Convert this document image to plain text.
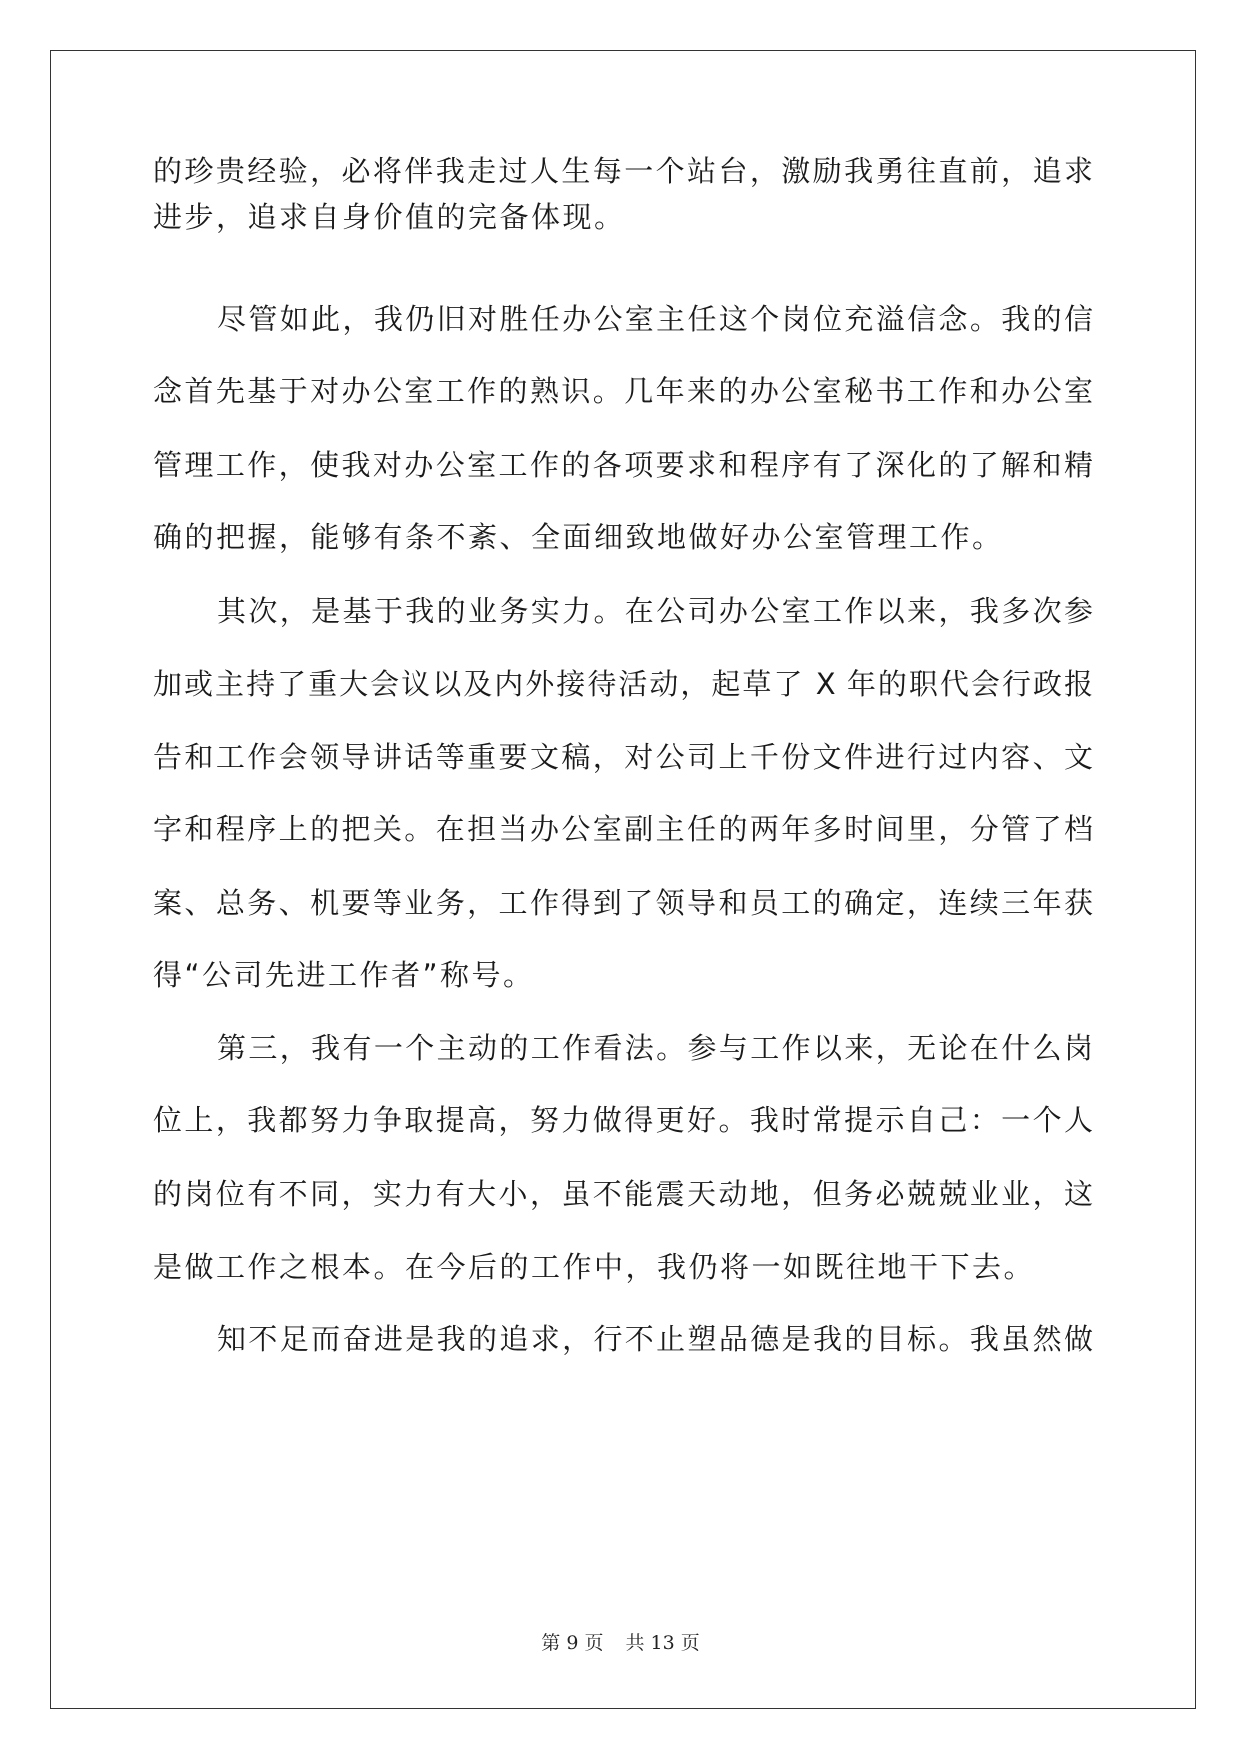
的珍贵经验，必将伴我走过人生每一个站台，激励我勇往直前，追求
进步，追求自身价值的完备体现。
尽管如此，我仍旧对胜任办公室主任这个岗位充溢信念。我的信
念首先基于对办公室工作的熟识。几年来的办公室秘书工作和办公室
管理工作，使我对办公室工作的各项要求和程序有了深化的了解和精
确的把握，能够有条不紊、全面细致地做好办公室管理工作。
其次，是基于我的业务实力。在公司办公室工作以来，我多次参
加或主持了重大会议以及内外接待活动，起草了 X 年的职代会行政报
告和工作会领导讲话等重要文稿，对公司上千份文件进行过内容、文
字和程序上的把关。在担当办公室副主任的两年多时间里，分管了档
案、总务、机要等业务，工作得到了领导和员工的确定，连续三年获
得“公司先进工作者”称号。
第三，我有一个主动的工作看法。参与工作以来，无论在什么岗
位上，我都努力争取提高，努力做得更好。我时常提示自己：一个人
的岗位有不同，实力有大小，虽不能震天动地，但务必兢兢业业，这
是做工作之根本。在今后的工作中，我仍将一如既往地干下去。
知不足而奋进是我的追求，行不止塑品德是我的目标。我虽然做
第 9 页 共 13 页
